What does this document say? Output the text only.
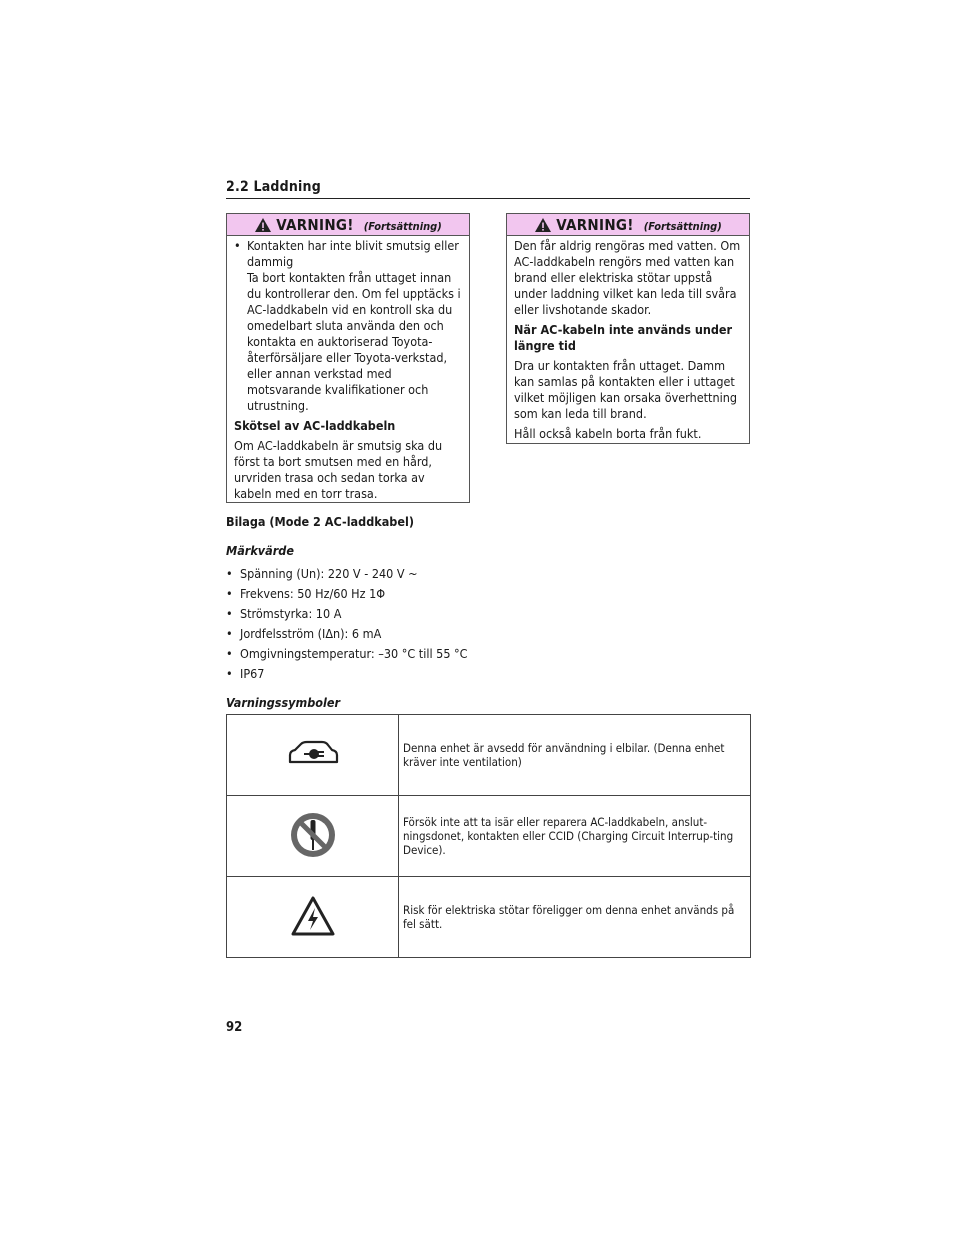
2.2 Laddning
VARNING! (Fortsättning)
• Kontakten har inte blivit smutsig eller dammig

Ta bort kontakten från uttaget innan du kontrollerar den. Om fel upptäcks i AC-laddkabeln vid en kontroll ska du omedelbart sluta använda den och kontakta en auktoriserad Toyota-återförsäljare eller Toyota-verkstad, eller annan verkstad med motsvarande kvalifikationer och utrustning.

Skötsel av AC-laddkabeln

Om AC-laddkabeln är smutsig ska du först ta bort smutsen med en hård, urvriden trasa och sedan torka av kabeln med en torr trasa.

VARNING! (Fortsättning)

Den får aldrig rengöras med vatten. Om AC-laddkabeln rengörs med vatten kan brand eller elektriska stötar uppstå under laddning vilket kan leda till svåra eller livshotande skador.

När AC-kabeln inte används under längre tid

Dra ur kontakten från uttaget. Damm kan samlas på kontakten eller i uttaget vilket möjligen kan orsaka överhettning som kan leda till brand.

Håll också kabeln borta från fukt.

Bilaga (Mode 2 AC-laddkabel)
Märkvärde
• Spänning (Un): 220 V - 240 V ~
• Frekvens: 50 Hz/60 Hz 1Φ
• Strömstyrka: 10 A
• Jordfelsström (IΔn): 6 mA
• Omgivningstemperatur: –30 °C till 55 °C
• IP67
Varningssymboler
	Denna enhet är avsedd för användning i elbilar. (Denna enhet kräver inte ventilation)
	Försök inte att ta isär eller reparera AC-laddkabeln, anslut-ningsdonet, kontakten eller CCID (Charging Circuit Interrup-ting Device).
	Risk för elektriska stötar föreligger om denna enhet används på fel sätt.
92
